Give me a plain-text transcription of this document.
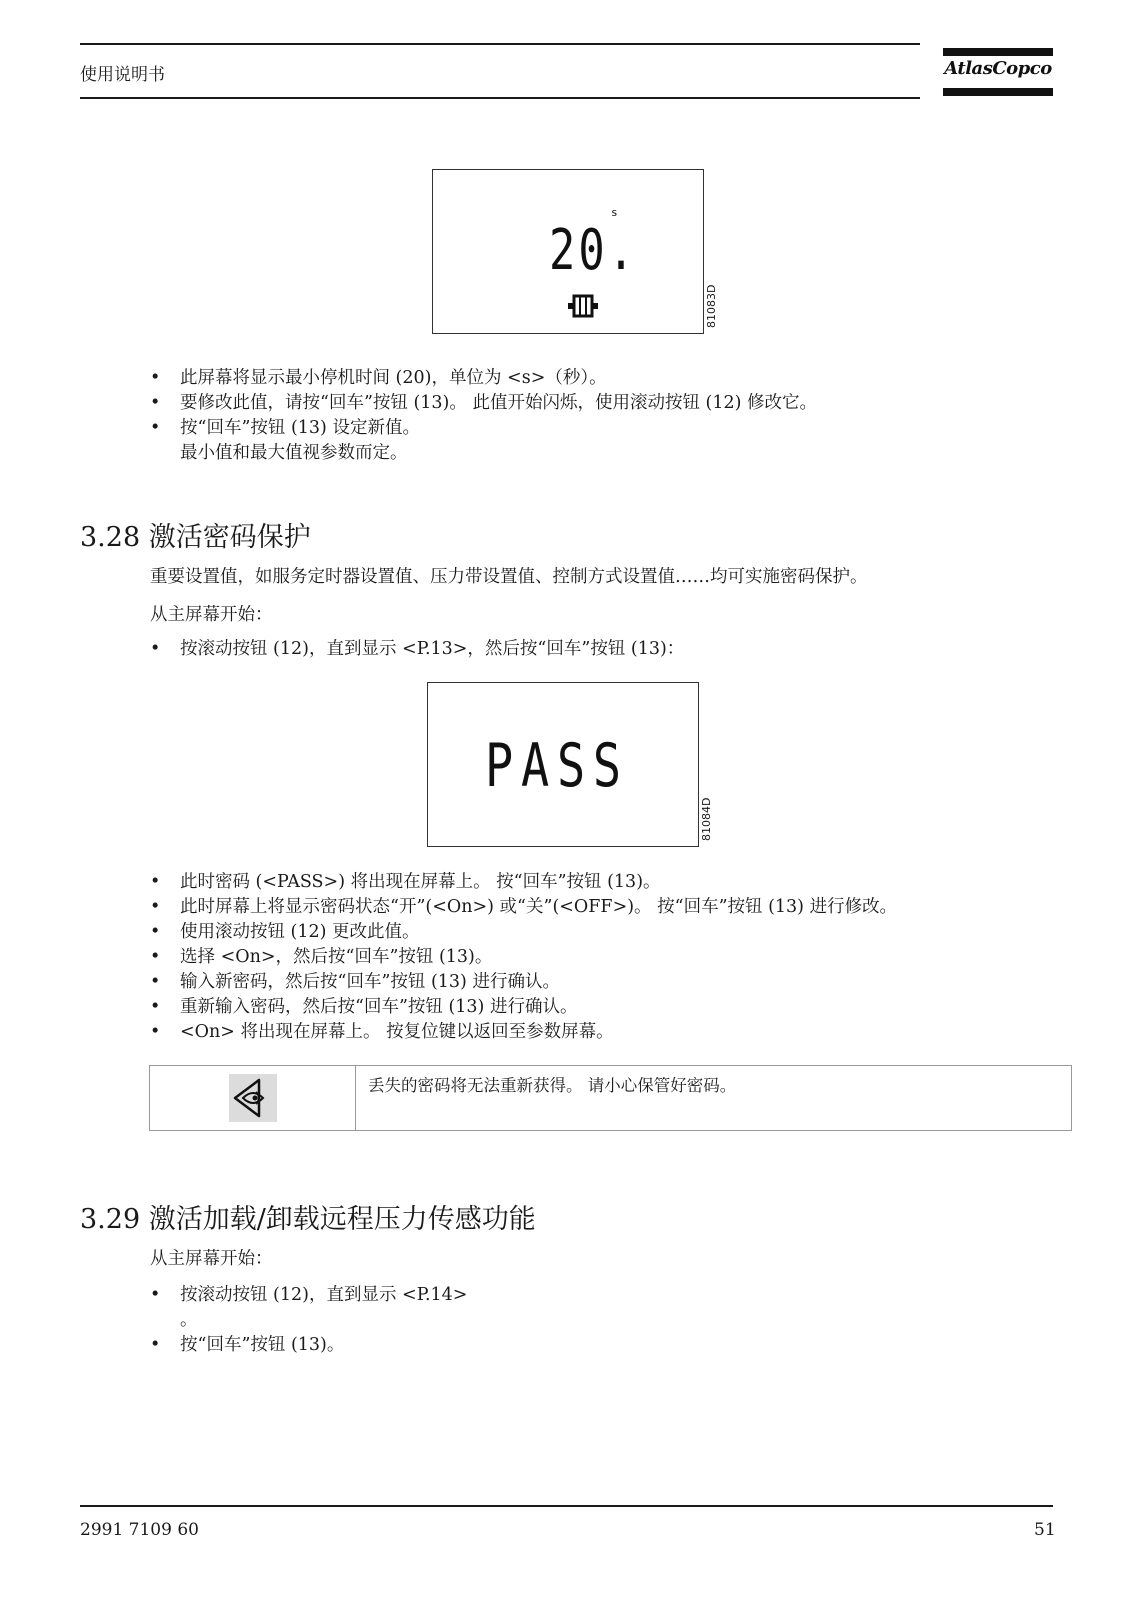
使用说明书	AtlasCopco
s
20.
81083D
• 此屏幕将显示最小停机时间 (20)，单位为 <s>（秒）。
• 要修改此值，请按“回车”按钮 (13)。 此值开始闪烁，使用滚动按钮 (12) 修改它。
• 按“回车”按钮 (13) 设定新值。
最小值和最大值视参数而定。
3.28 激活密码保护
重要设置值，如服务定时器设置值、压力带设置值、控制方式设置值……均可实施密码保护。
从主屏幕开始：
• 按滚动按钮 (12)，直到显示 <P.13>，然后按“回车”按钮 (13)：
PASS
81084D
• 此时密码 (<PASS>) 将出现在屏幕上。 按“回车”按钮 (13)。
• 此时屏幕上将显示密码状态“开”(<On>) 或“关”(<OFF>)。 按“回车”按钮 (13) 进行修改。
• 使用滚动按钮 (12) 更改此值。
• 选择 <On>，然后按“回车”按钮 (13)。
• 输入新密码，然后按“回车”按钮 (13) 进行确认。
• 重新输入密码，然后按“回车”按钮 (13) 进行确认。
• <On> 将出现在屏幕上。 按复位键以返回至参数屏幕。
丢失的密码将无法重新获得。 请小心保管好密码。
3.29 激活加载/卸载远程压力传感功能
从主屏幕开始：
• 按滚动按钮 (12)，直到显示 <P.14>
。
• 按“回车”按钮 (13)。
2991 7109 60	51
